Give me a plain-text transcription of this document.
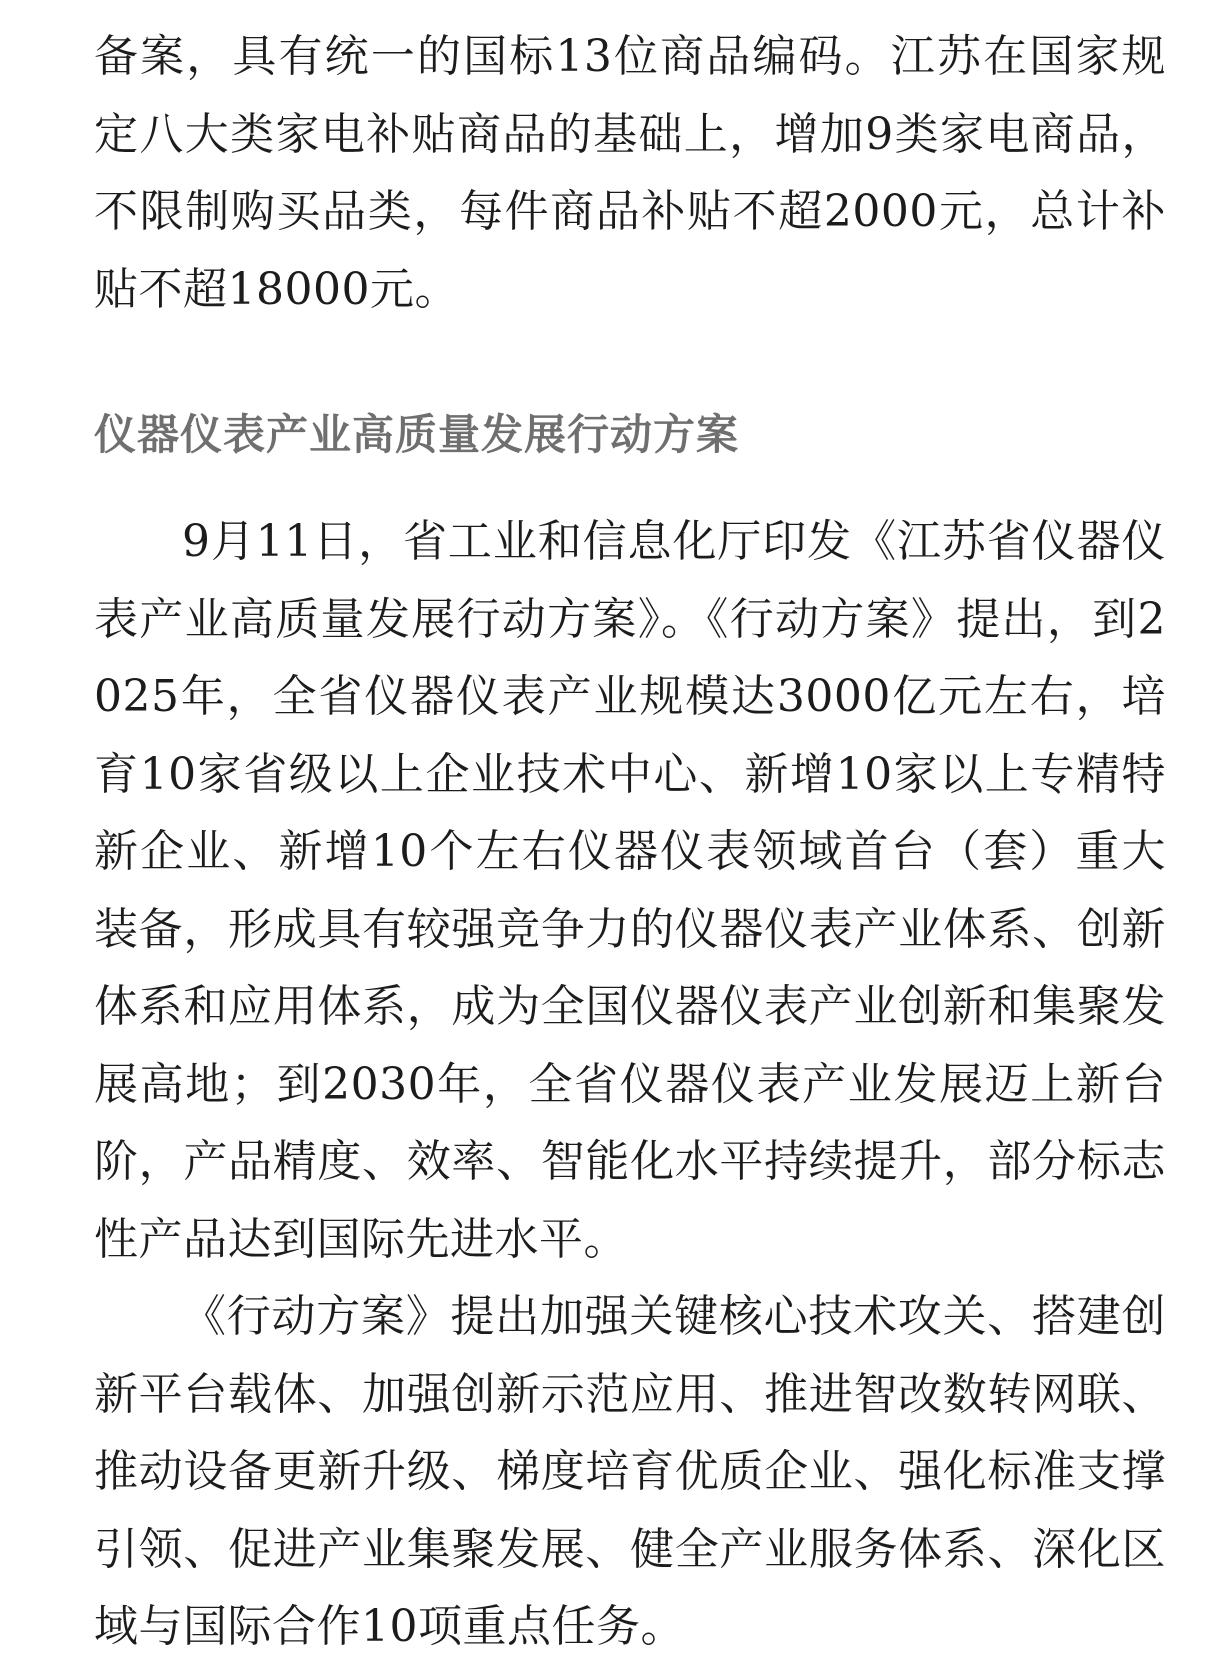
备案，具有统一的国标13位商品编码。江苏在国家规定八大类家电补贴商品的基础上，增加9类家电商品，不限制购买品类，每件商品补贴不超2000元，总计补贴不超18000元。

仪器仪表产业高质量发展行动方案

9月11日，省工业和信息化厅印发《江苏省仪器仪表产业高质量发展行动方案》。《行动方案》提出，到2025年，全省仪器仪表产业规模达3000亿元左右，培育10家省级以上企业技术中心、新增10家以上专精特新企业、新增10个左右仪器仪表领域首台（套）重大装备，形成具有较强竞争力的仪器仪表产业体系、创新体系和应用体系，成为全国仪器仪表产业创新和集聚发展高地；到2030年，全省仪器仪表产业发展迈上新台阶，产品精度、效率、智能化水平持续提升，部分标志性产品达到国际先进水平。

《行动方案》提出加强关键核心技术攻关、搭建创新平台载体、加强创新示范应用、推进智改数转网联、推动设备更新升级、梯度培育优质企业、强化标准支撑引领、促进产业集聚发展、健全产业服务体系、深化区域与国际合作10项重点任务。
